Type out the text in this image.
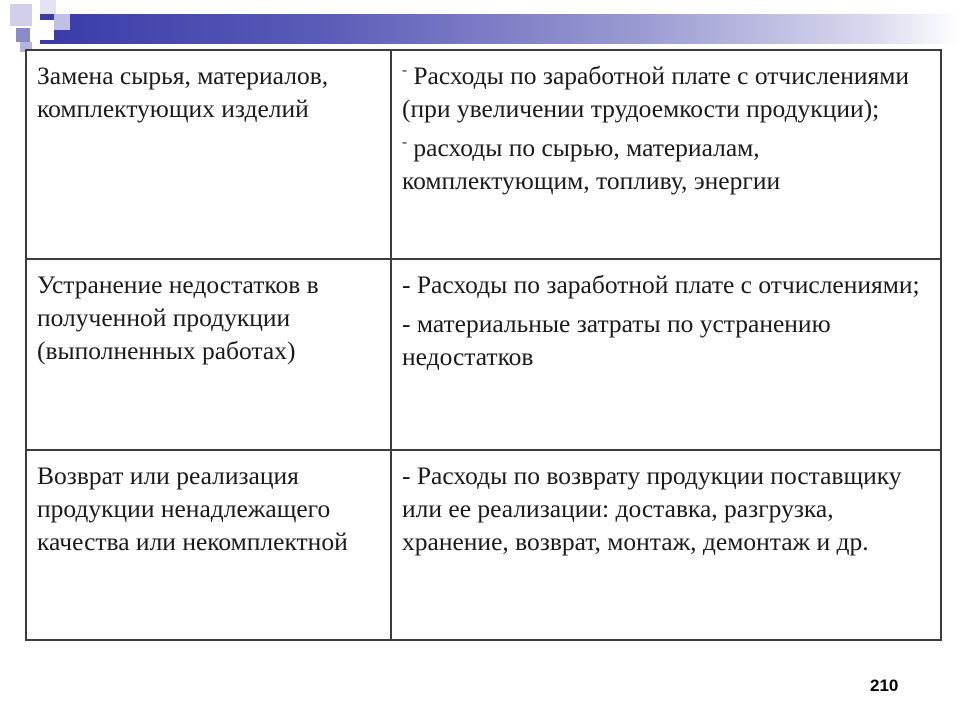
Замена сырья, материалов, комплектующих изделий	- Расходы по заработной плате с отчислениями (при увеличении трудоемкости продукции);
- расходы по сырью, материалам, комплектующим, топливу, энергии

Устранение недостатков в полученной продукции (выполненных работах)	- Расходы по заработной плате с отчислениями;
- материальные затраты по устранению недостатков

Возврат или реализация продукции ненадлежащего качества или некомплектной	- Расходы по возврату продукции поставщику или ее реализации: доставка, разгрузка, хранение, возврат, монтаж, демонтаж и др.
210
